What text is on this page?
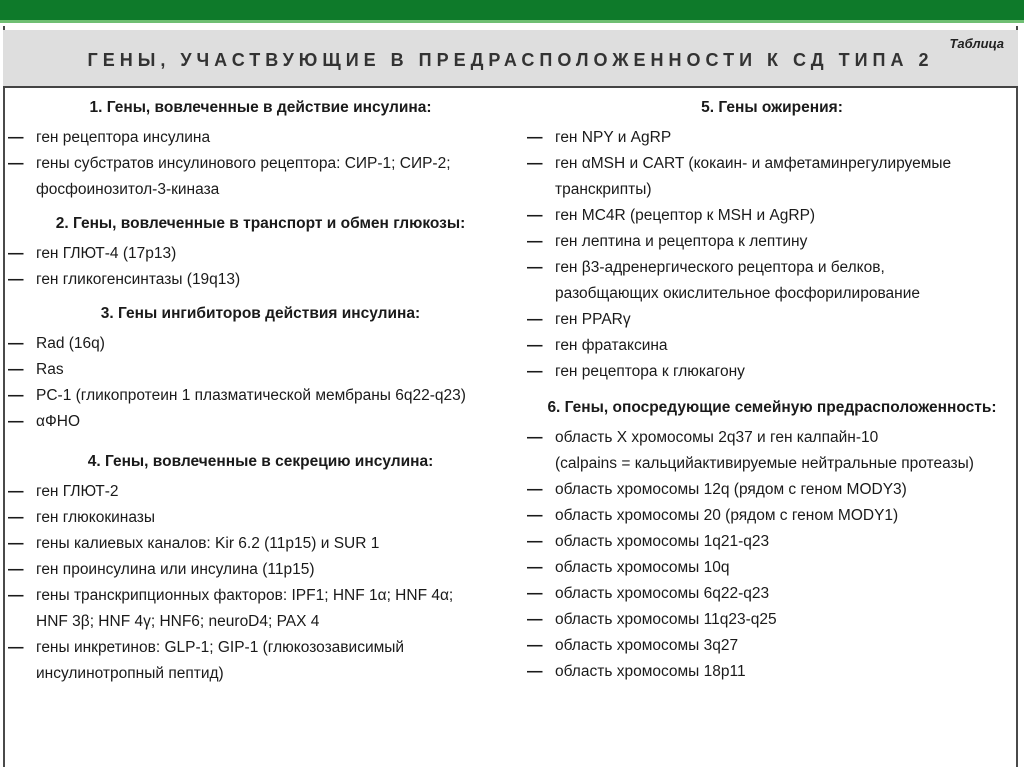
ГЕНЫ, УЧАСТВУЮЩИЕ В ПРЕДРАСПОЛОЖЕННОСТИ К СД ТИПА 2
Таблица
1. Гены, вовлеченные в действие инсулина:
— ген рецептора инсулина
— гены субстратов инсулинового рецептора: СИР-1; СИР-2;
фосфоинозитол-3-киназа
2. Гены, вовлеченные в транспорт и обмен глюкозы:
— ген ГЛЮТ-4 (17p13)
— ген гликогенсинтазы (19q13)
3. Гены ингибиторов действия инсулина:
— Rad (16q)
— Ras
— PC-1 (гликопротеин 1 плазматической мембраны 6q22-q23)
— αФНО
4. Гены, вовлеченные в секрецию инсулина:
— ген ГЛЮТ-2
— ген глюкокиназы
— гены калиевых каналов: Kir 6.2 (11p15) и SUR 1
— ген проинсулина или инсулина (11p15)
— гены транскрипционных факторов: IPF1; HNF 1α; HNF 4α;
HNF 3β; HNF 4γ; HNF6; neuroD4; PAX 4
— гены инкретинов: GLP-1; GIP-1 (глюкозозависимый
инсулинотропный пептид)
5. Гены ожирения:
— ген NPY и AgRP
— ген αMSH и CART (кокаин- и амфетаминрегулируемые
транскрипты)
— ген MC4R (рецептор к MSH и AgRP)
— ген лептина и рецептора к лептину
— ген β3-адренергического рецептора и белков,
разобщающих окислительное фосфорилирование
— ген PPARγ
— ген фратаксина
— ген рецептора к глюкагону
6. Гены, опосредующие семейную предрасположенность:
— область X хромосомы 2q37 и ген калпайн-10
(calpains = кальцийактивируемые нейтральные протеазы)
— область хромосомы 12q (рядом с геном MODY3)
— область хромосомы 20 (рядом с геном MODY1)
— область хромосомы 1q21-q23
— область хромосомы 10q
— область хромосомы 6q22-q23
— область хромосомы 11q23-q25
— область хромосомы 3q27
— область хромосомы 18p11
